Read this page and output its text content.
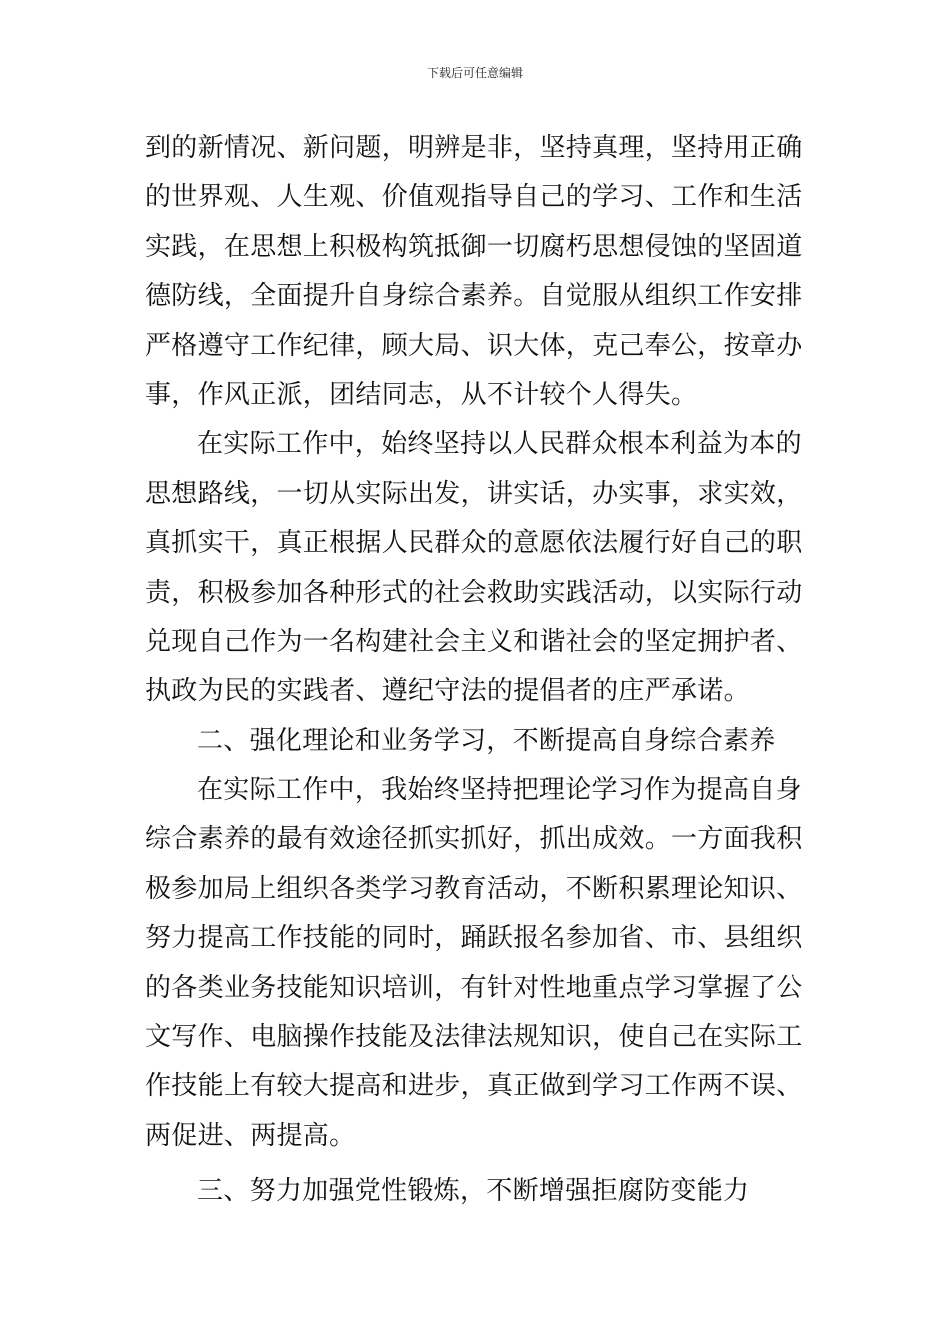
下载后可任意编辑
到的新情况、新问题，明辨是非，坚持真理，坚持用正确
的世界观、人生观、价值观指导自己的学习、工作和生活
实践，在思想上积极构筑抵御一切腐朽思想侵蚀的坚固道
德防线，全面提升自身综合素养。自觉服从组织工作安排
严格遵守工作纪律，顾大局、识大体，克己奉公，按章办
事，作风正派，团结同志，从不计较个人得失。
在实际工作中，始终坚持以人民群众根本利益为本的
思想路线，一切从实际出发，讲实话，办实事，求实效，
真抓实干，真正根据人民群众的意愿依法履行好自己的职
责，积极参加各种形式的社会救助实践活动，以实际行动
兑现自己作为一名构建社会主义和谐社会的坚定拥护者、
执政为民的实践者、遵纪守法的提倡者的庄严承诺。
二、强化理论和业务学习，不断提高自身综合素养
在实际工作中，我始终坚持把理论学习作为提高自身
综合素养的最有效途径抓实抓好，抓出成效。一方面我积
极参加局上组织各类学习教育活动，不断积累理论知识、
努力提高工作技能的同时，踊跃报名参加省、市、县组织
的各类业务技能知识培训，有针对性地重点学习掌握了公
文写作、电脑操作技能及法律法规知识，使自己在实际工
作技能上有较大提高和进步，真正做到学习工作两不误、
两促进、两提高。
三、努力加强党性锻炼，不断增强拒腐防变能力
